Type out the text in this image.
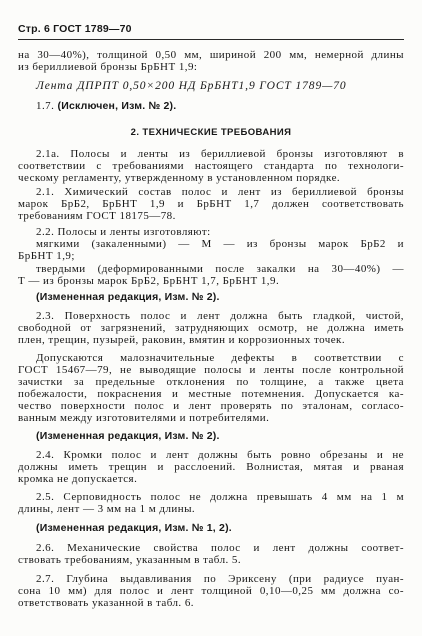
Стр. 6 ГОСТ 1789—70
на 30—40%), толщиной 0,50 мм, шириной 200 мм, немерной длины
из бериллиевой бронзы БрБНТ 1,9:
Лента ДПРПТ 0,50×200 НД БрБНТ1,9 ГОСТ 1789—70
1.7. (Исключен, Изм. № 2).
2. ТЕХНИЧЕСКИЕ ТРЕБОВАНИЯ
2.1а. Полосы и ленты из бериллиевой бронзы изготовляют в
соответствии с требованиями настоящего стандарта по технологи-
ческому регламенту, утвержденному в установленном порядке.
2.1. Химический состав полос и лент из бериллиевой бронзы
марок БрБ2, БрБНТ 1,9 и БрБНТ 1,7 должен соответствовать
требованиям ГОСТ 18175—78.
2.2. Полосы и ленты изготовляют:
мягкими (закаленными) — М — из бронзы марок БрБ2 и
БрБНТ 1,9;
твердыми (деформированными после закалки на 30—40%) —
Т — из бронзы марок БрБ2, БрБНТ 1,7, БрБНТ 1,9.
(Измененная редакция, Изм. № 2).
2.3. Поверхность полос и лент должна быть гладкой, чистой,
свободной от загрязнений, затрудняющих осмотр, не должна иметь
плен, трещин, пузырей, раковин, вмятин и коррозионных точек.
Допускаются малозначительные дефекты в соответствии с
ГОСТ 15467—79, не выводящие полосы и ленты после контрольной
зачистки за предельные отклонения по толщине, а также цвета
побежалости, покраснения и местные потемнения. Допускается ка-
чество поверхности полос и лент проверять по эталонам, согласо-
ванным между изготовителями и потребителями.
(Измененная редакция, Изм. № 2).
2.4. Кромки полос и лент должны быть ровно обрезаны и не
должны иметь трещин и расслоений. Волнистая, мятая и рваная
кромка не допускается.
2.5. Серповидность полос не должна превышать 4 мм на 1 м
длины, лент — 3 мм на 1 м длины.
(Измененная редакция, Изм. № 1, 2).
2.6. Механические свойства полос и лент должны соответ-
ствовать требованиям, указанным в табл. 5.
2.7. Глубина выдавливания по Эриксену (при радиусе пуан-
сона 10 мм) для полос и лент толщиной 0,10—0,25 мм должна со-
ответствовать указанной в табл. 6.
